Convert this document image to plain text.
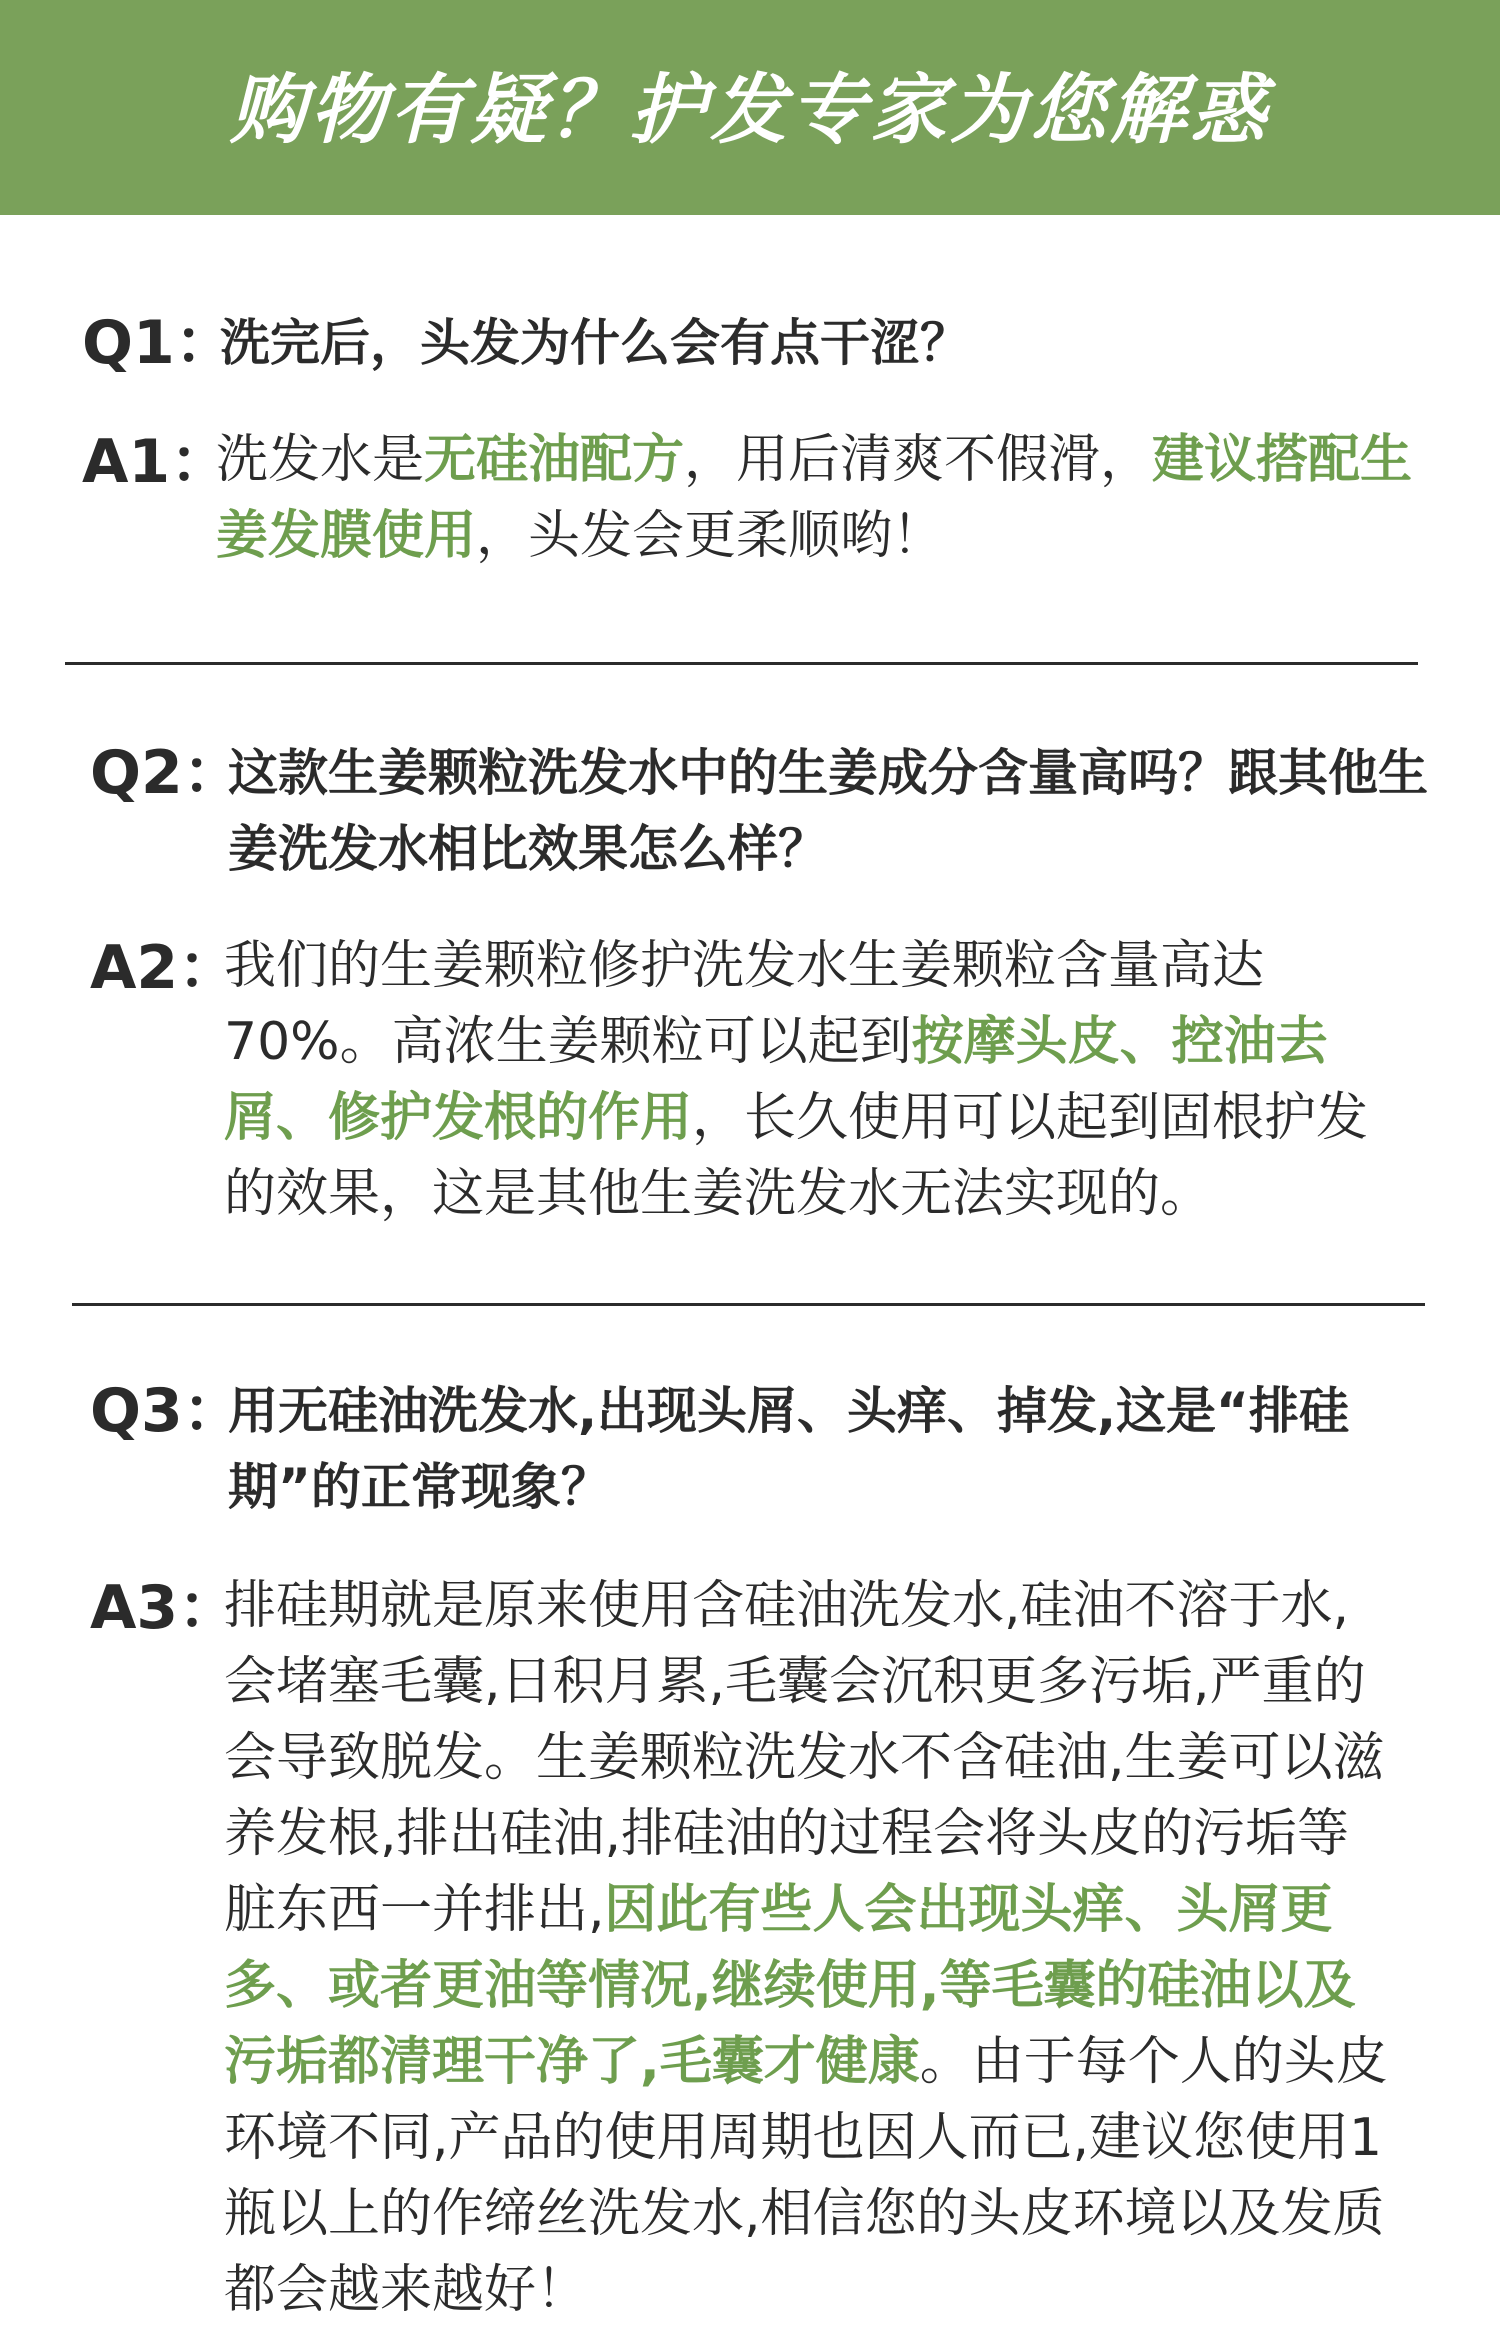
购物有疑？护发专家为您解惑
Q1：
洗完后，头发为什么会有点干涩？
A1：
洗发水是无硅油配方，用后清爽不假滑，建议搭配生姜发膜使用，头发会更柔顺哟！
Q2：
这款生姜颗粒洗发水中的生姜成分含量高吗？跟其他生姜洗发水相比效果怎么样？
A2：
我们的生姜颗粒修护洗发水生姜颗粒含量高达70%。高浓生姜颗粒可以起到按摩头皮、控油去屑、修护发根的作用，长久使用可以起到固根护发的效果，这是其他生姜洗发水无法实现的。
Q3：
用无硅油洗发水,出现头屑、头痒、掉发,这是“排硅期”的正常现象？
A3：
排硅期就是原来使用含硅油洗发水,硅油不溶于水,会堵塞毛囊,日积月累,毛囊会沉积更多污垢,严重的会导致脱发。生姜颗粒洗发水不含硅油,生姜可以滋养发根,排出硅油,排硅油的过程会将头皮的污垢等脏东西一并排出,因此有些人会出现头痒、头屑更多、或者更油等情况,继续使用,等毛囊的硅油以及污垢都清理干净了,毛囊才健康。由于每个人的头皮环境不同,产品的使用周期也因人而已,建议您使用1瓶以上的作缔丝洗发水,相信您的头皮环境以及发质都会越来越好！
